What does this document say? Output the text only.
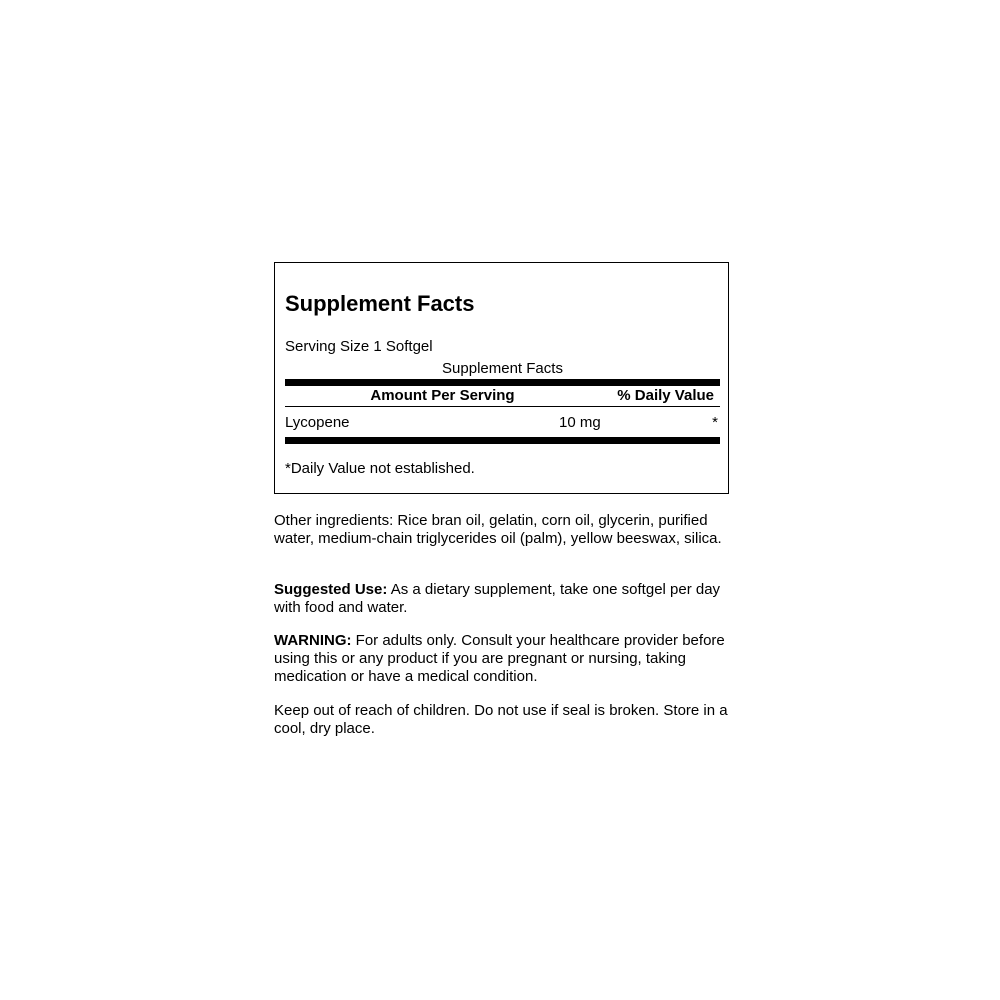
Supplement Facts
Serving Size 1 Softgel
Supplement Facts
Amount Per Serving	% Daily Value
Lycopene	10 mg	*
*Daily Value not established.

Other ingredients: Rice bran oil, gelatin, corn oil, glycerin, purified water, medium-chain triglycerides oil (palm), yellow beeswax, silica.

Suggested Use: As a dietary supplement, take one softgel per day with food and water.

WARNING: For adults only. Consult your healthcare provider before using this or any product if you are pregnant or nursing, taking medication or have a medical condition.

Keep out of reach of children. Do not use if seal is broken. Store in a cool, dry place.
